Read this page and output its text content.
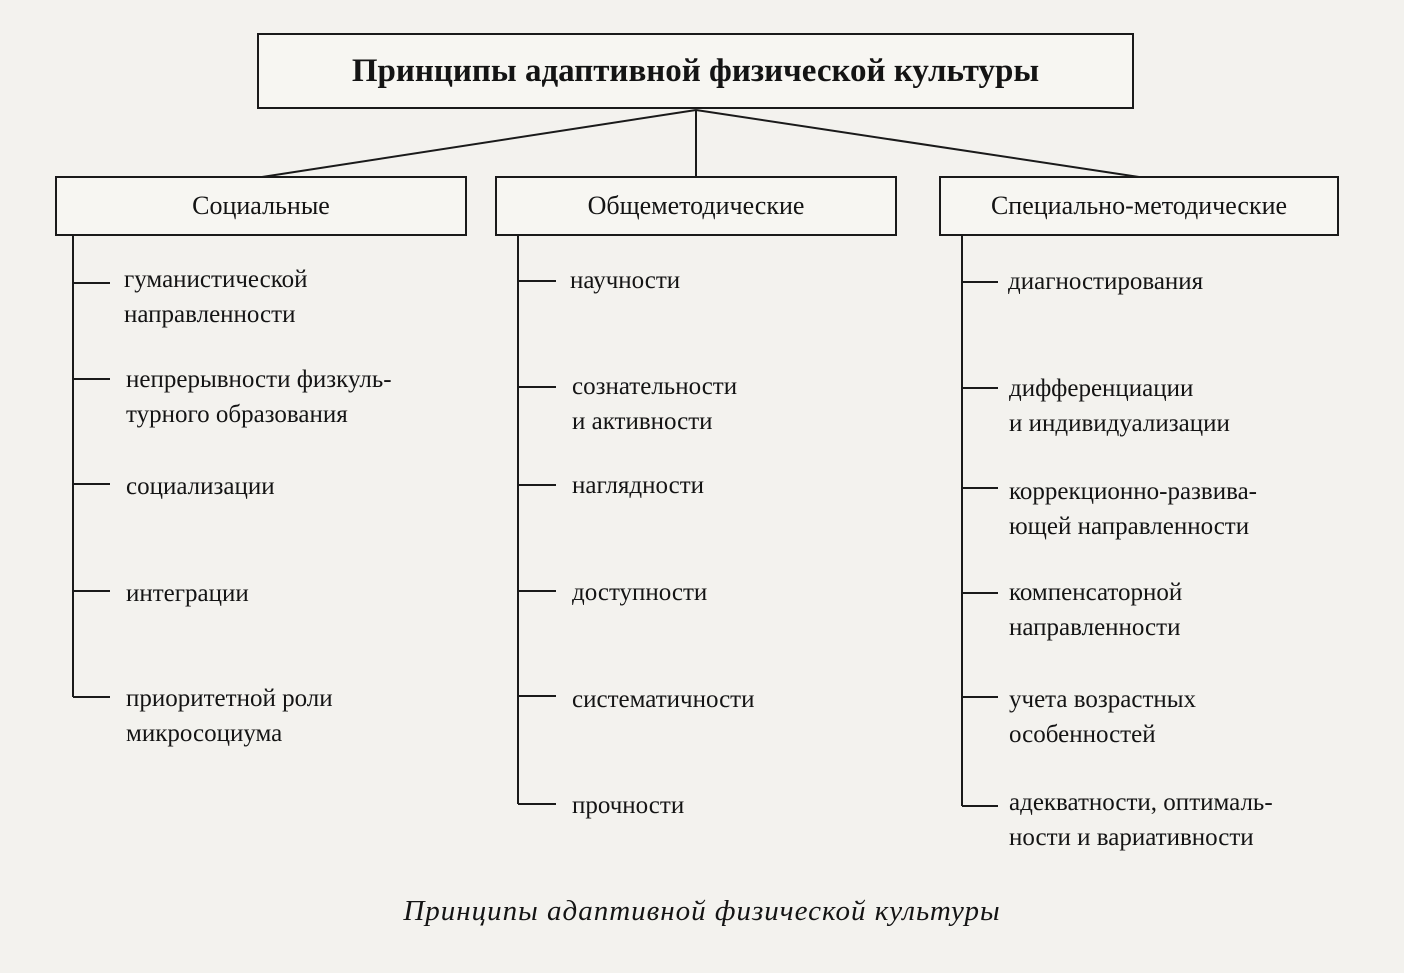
Принципы адаптивной физической культуры
Социальные	Общеметодические	Специально-методические
гуманистической
направленности
непрерывности физкуль-
турного образования
социализации
интеграции
приоритетной роли
микросоциума
научности
сознательности
и активности
наглядности
доступности
систематичности
прочности
диагностирования
дифференциации
и индивидуализации
коррекционно-развива-
ющей направленности
компенсаторной
направленности
учета возрастных
особенностей
адекватности, оптималь-
ности и вариативности
Принципы адаптивной физической культуры
